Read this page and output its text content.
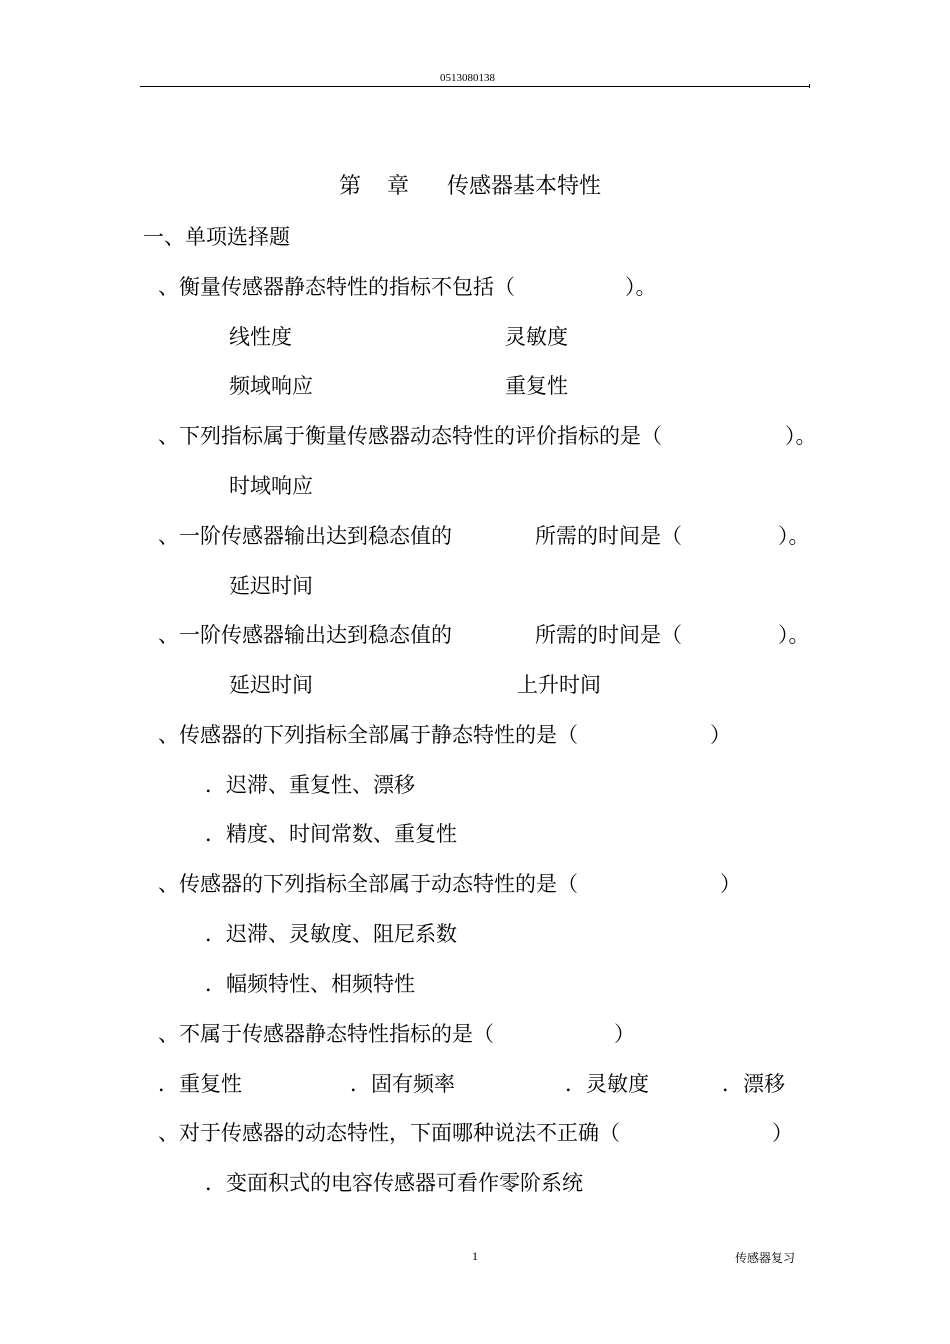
0513080138
第 章 传感器基本特性
一、单项选择题
、衡量传感器静态特性的指标不包括（	）。
线性度	灵敏度
频域响应	重复性
、下列指标属于衡量传感器动态特性的评价指标的是（	）。
时域响应
、一阶传感器输出达到稳态值的	所需的时间是（	）。
延迟时间
、一阶传感器输出达到稳态值的	所需的时间是（	）。
延迟时间	上升时间
、传感器的下列指标全部属于静态特性的是（	）
．迟滞、重复性、漂移
．精度、时间常数、重复性
、传感器的下列指标全部属于动态特性的是（	）
．迟滞、灵敏度、阻尼系数
．幅频特性、相频特性
、不属于传感器静态特性指标的是（	）
．重复性	．固有频率	．灵敏度	．漂移
、对于传感器的动态特性，下面哪种说法不正确（	）
．变面积式的电容传感器可看作零阶系统
1	传感器复习
